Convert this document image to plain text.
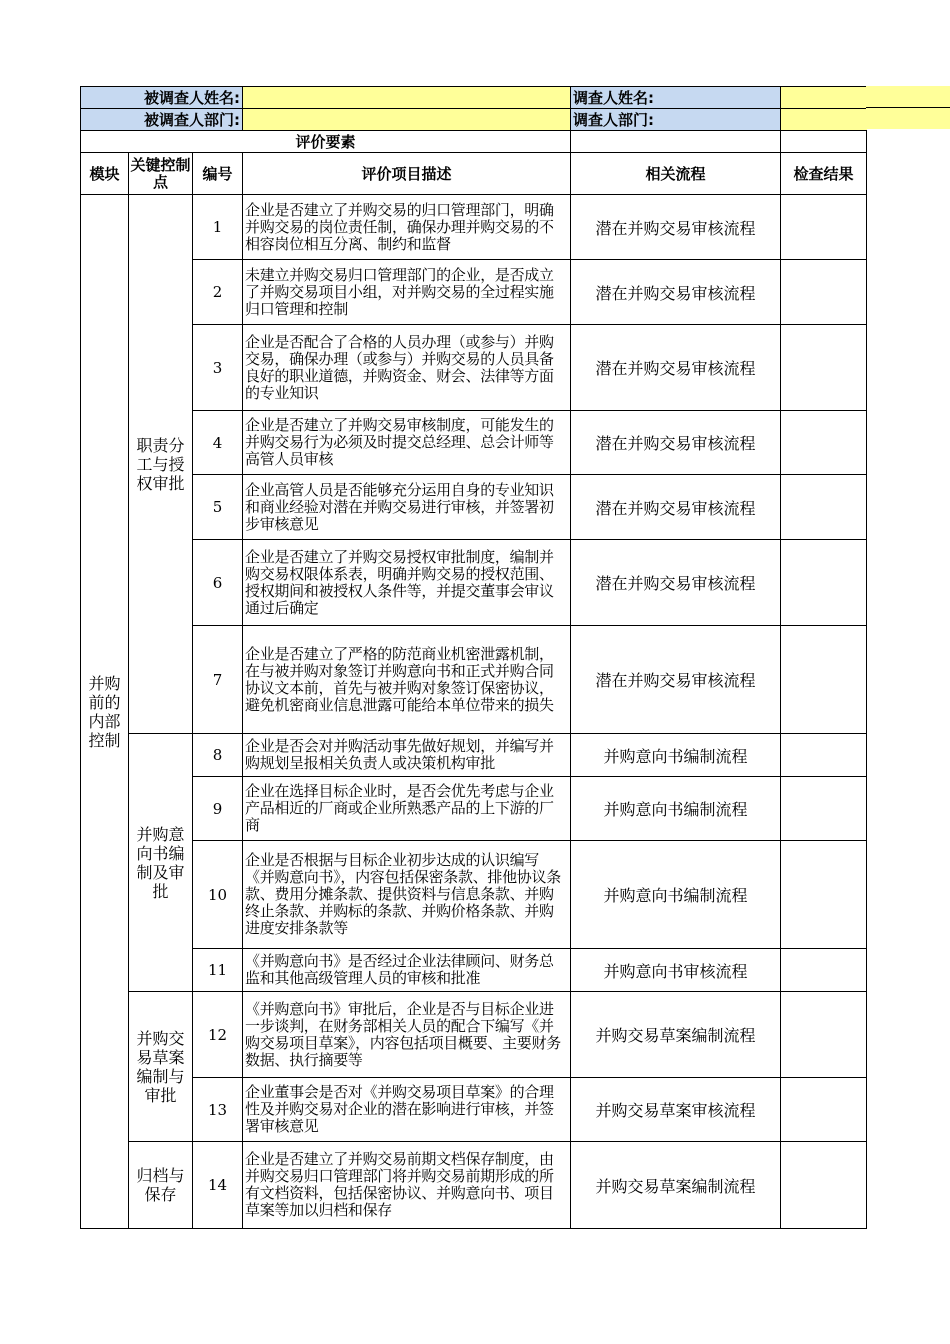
被调查人姓名:				调查人姓名:	
被调查人部门:				调查人部门:	
评价要素					
模块	关键控制点	编号	评价项目描述	相关流程	检查结果
并购前的内部控制	职责分工与授权审批	1	企业是否建立了并购交易的归口管理部门，明确并购交易的岗位责任制，确保办理并购交易的不相容岗位相互分离、制约和监督	潜在并购交易审核流程	
		2	未建立并购交易归口管理部门的企业，是否成立了并购交易项目小组，对并购交易的全过程实施归口管理和控制	潜在并购交易审核流程	
		3	企业是否配合了合格的人员办理（或参与）并购交易，确保办理（或参与）并购交易的人员具备良好的职业道德，并购资金、财会、法律等方面的专业知识	潜在并购交易审核流程	
		4	企业是否建立了并购交易审核制度，可能发生的并购交易行为必须及时提交总经理、总会计师等高管人员审核	潜在并购交易审核流程	
		5	企业高管人员是否能够充分运用自身的专业知识和商业经验对潜在并购交易进行审核，并签署初步审核意见	潜在并购交易审核流程	
		6	企业是否建立了并购交易授权审批制度，编制并购交易权限体系表，明确并购交易的授权范围、授权期间和被授权人条件等，并提交董事会审议通过后确定	潜在并购交易审核流程	
		7	企业是否建立了严格的防范商业机密泄露机制，在与被并购对象签订并购意向书和正式并购合同协议文本前，首先与被并购对象签订保密协议，避免机密商业信息泄露可能给本单位带来的损失	潜在并购交易审核流程	
	并购意向书编制及审批	8	企业是否会对并购活动事先做好规划，并编写并购规划呈报相关负责人或决策机构审批	并购意向书编制流程	
		9	企业在选择目标企业时，是否会优先考虑与企业产品相近的厂商或企业所熟悉产品的上下游的厂商	并购意向书编制流程	
		10	企业是否根据与目标企业初步达成的认识编写《并购意向书》，内容包括保密条款、排他协议条款、费用分摊条款、提供资料与信息条款、并购终止条款、并购标的条款、并购价格条款、并购进度安排条款等	并购意向书编制流程	
		11	《并购意向书》是否经过企业法律顾问、财务总监和其他高级管理人员的审核和批准	并购意向书审核流程	
	并购交易草案编制与审批	12	《并购意向书》审批后，企业是否与目标企业进一步谈判，在财务部相关人员的配合下编写《并购交易项目草案》，内容包括项目概要、主要财务数据、执行摘要等	并购交易草案编制流程	
		13	企业董事会是否对《并购交易项目草案》的合理性及并购交易对企业的潜在影响进行审核，并签署审核意见	并购交易草案审核流程	
	归档与保存	14	企业是否建立了并购交易前期文档保存制度，由并购交易归口管理部门将并购交易前期形成的所有文档资料，包括保密协议、并购意向书、项目草案等加以归档和保存	并购交易草案编制流程	
